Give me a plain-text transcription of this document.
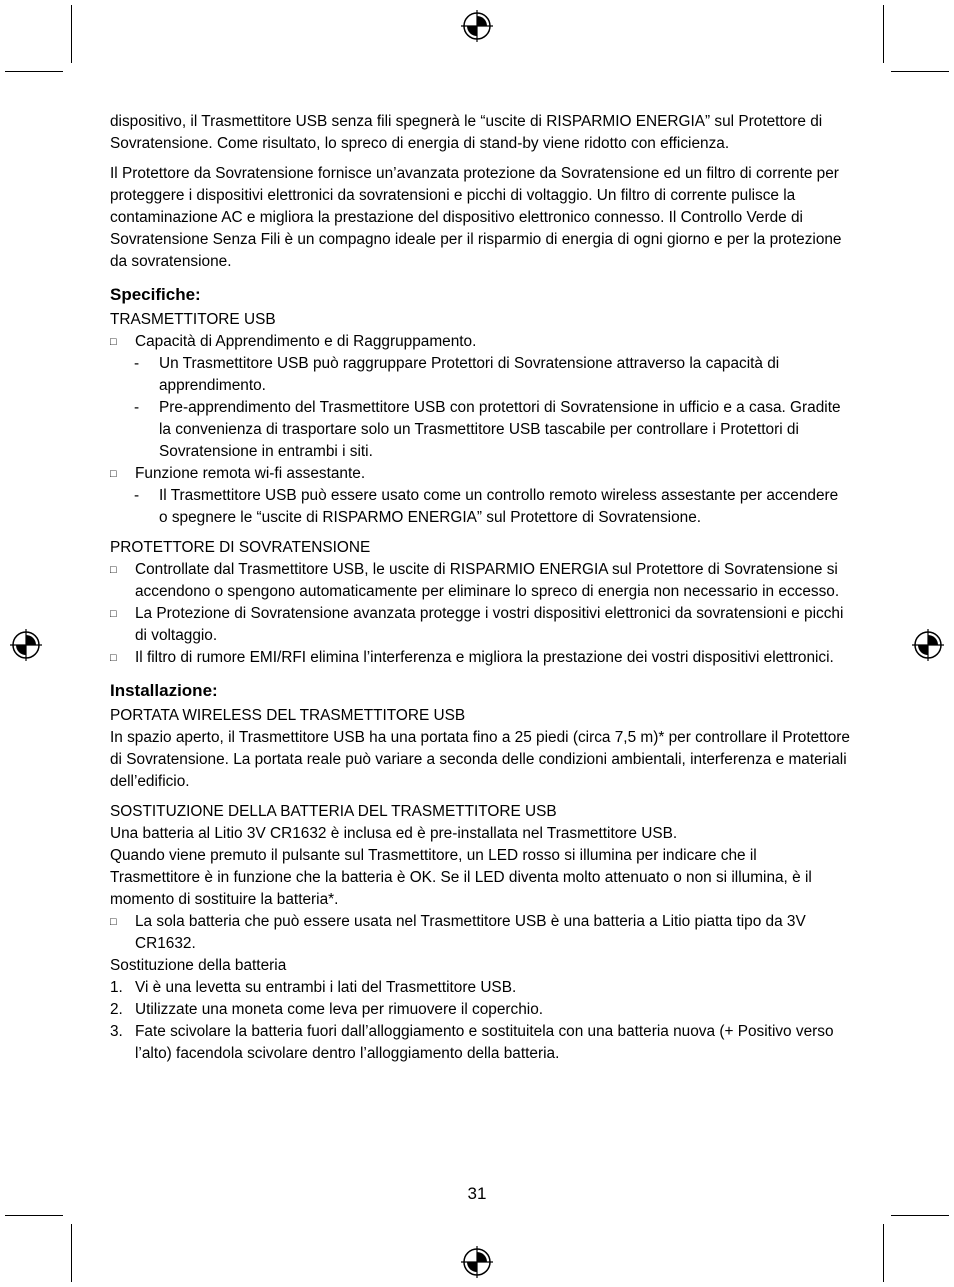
dispositivo, il Trasmettitore USB senza fili spegnerà le “uscite di RISPARMIO ENERGIA” sul Protettore di Sovratensione. Come risultato, lo spreco di energia di stand-by viene ridotto con efficienza.

Il Protettore da Sovratensione fornisce un’avanzata protezione da Sovratensione ed un filtro di corrente per proteggere i dispositivi elettronici da sovratensioni e picchi di voltaggio. Un filtro di corrente pulisce la contaminazione AC e migliora la prestazione del dispositivo elettronico connesso. Il Controllo Verde di Sovratensione Senza Fili è un compagno ideale per il risparmio di energia di ogni giorno e per la protezione da sovratensione.

Specifiche:

TRASMETTITORE USB

□ Capacità di Apprendimento e di Raggruppamento.
- Un Trasmettitore USB può raggruppare Protettori di Sovratensione attraverso la capacità di apprendimento.
- Pre-apprendimento del Trasmettitore USB con protettori di Sovratensione in ufficio e a casa. Gradite la convenienza di trasportare solo un Trasmettitore USB tascabile per controllare i Protettori di Sovratensione in entrambi i siti.
□ Funzione remota wi-fi assestante.
- Il Trasmettitore USB può essere usato come un controllo remoto wireless assestante per accendere o spegnere le “uscite di RISPARMO ENERGIA” sul Protettore di Sovratensione.

PROTETTORE DI SOVRATENSIONE

□ Controllate dal Trasmettitore USB, le uscite di RISPARMIO ENERGIA sul Protettore di Sovratensione si accendono o spengono automaticamente per eliminare lo spreco di energia non necessario in eccesso.
□ La Protezione di Sovratensione avanzata protegge i vostri dispositivi elettronici da sovratensioni e picchi di voltaggio.
□ Il filtro di rumore EMI/RFI elimina l’interferenza e migliora la prestazione dei vostri dispositivi elettronici.
Installazione:

PORTATA WIRELESS DEL TRASMETTITORE USB

In spazio aperto, il Trasmettitore USB ha una portata fino a 25 piedi (circa 7,5 m)* per controllare il Protettore di Sovratensione. La portata reale può variare a seconda delle condizioni ambientali, interferenza e materiali dell’edificio.

SOSTITUZIONE DELLA BATTERIA DEL TRASMETTITORE USB

Una batteria al Litio 3V CR1632 è inclusa ed è pre-installata nel Trasmettitore USB.

Quando viene premuto il pulsante sul Trasmettitore, un LED rosso si illumina per indicare che il Trasmettitore è in funzione che la batteria è OK. Se il LED diventa molto attenuato o non si illumina, è il momento di sostituire la batteria*.

□ La sola batteria che può essere usata nel Trasmettitore USB è una batteria a Litio piatta tipo da 3V CR1632.

Sostituzione della batteria

1. Vi è una levetta su entrambi i lati del Trasmettitore USB.
2. Utilizzate una moneta come leva per rimuovere il coperchio.
3. Fate scivolare la batteria fuori dall’alloggiamento e sostituitela con una batteria nuova (+ Positivo verso l’alto) facendola scivolare dentro l’alloggiamento della batteria.
31
